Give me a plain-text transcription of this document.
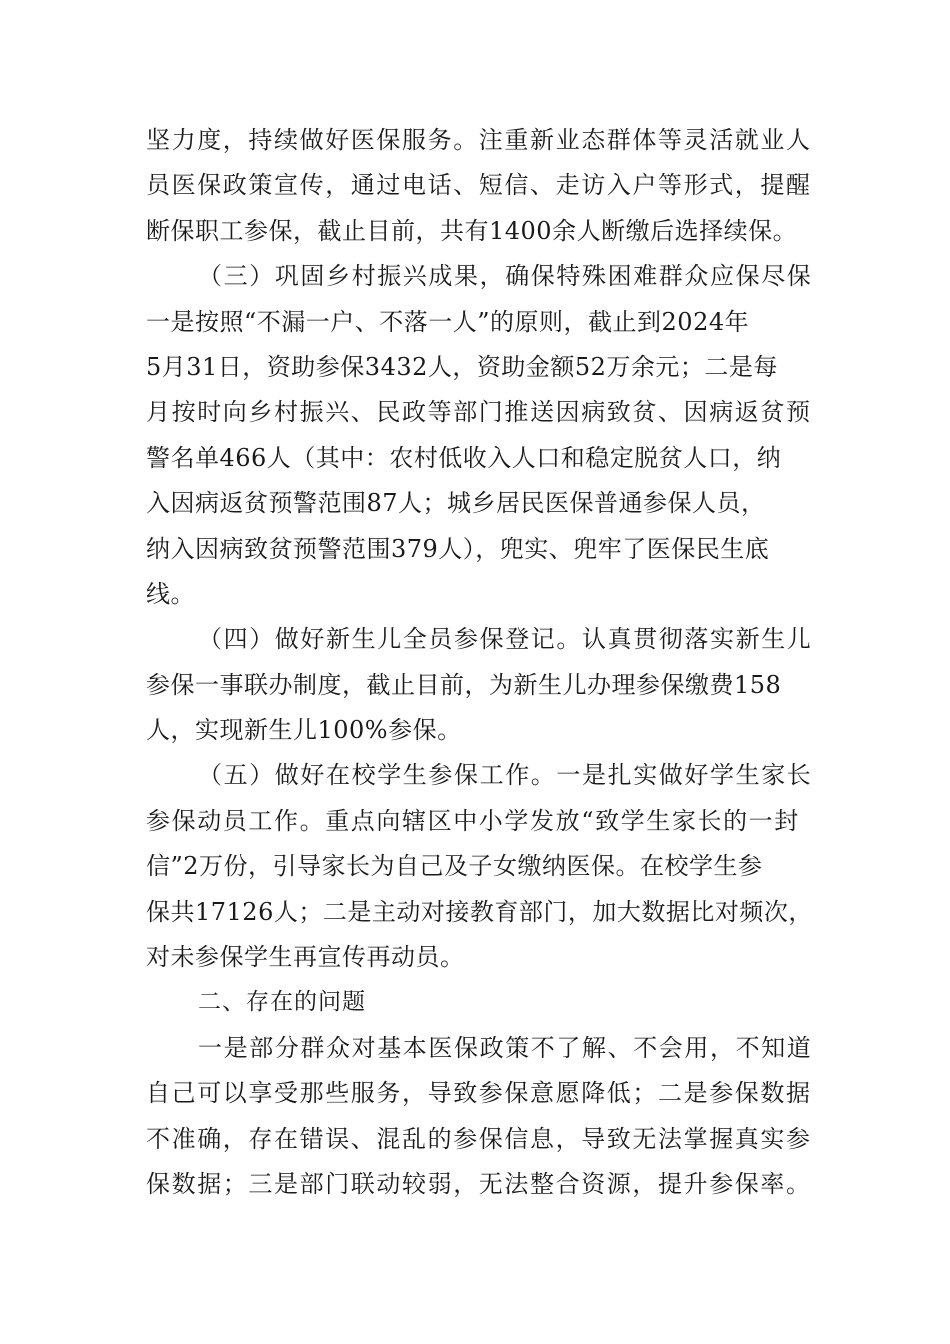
坚力度，持续做好医保服务。注重新业态群体等灵活就业人
员医保政策宣传，通过电话、短信、走访入户等形式，提醒
断保职工参保，截止目前，共有1400余人断缴后选择续保。
（三）巩固乡村振兴成果，确保特殊困难群众应保尽保
一是按照“不漏一户、不落一人”的原则，截止到2024年
5月31日，资助参保3432人，资助金额52万余元；二是每
月按时向乡村振兴、民政等部门推送因病致贫、因病返贫预
警名单466人（其中：农村低收入人口和稳定脱贫人口，纳
入因病返贫预警范围87人；城乡居民医保普通参保人员，
纳入因病致贫预警范围379人），兜实、兜牢了医保民生底
线。
（四）做好新生儿全员参保登记。认真贯彻落实新生儿
参保一事联办制度，截止目前，为新生儿办理参保缴费158
人，实现新生儿100%参保。
（五）做好在校学生参保工作。一是扎实做好学生家长
参保动员工作。重点向辖区中小学发放“致学生家长的一封
信”2万份，引导家长为自己及子女缴纳医保。在校学生参
保共17126人；二是主动对接教育部门，加大数据比对频次，
对未参保学生再宣传再动员。
二、存在的问题
一是部分群众对基本医保政策不了解、不会用，不知道
自己可以享受那些服务，导致参保意愿降低；二是参保数据
不准确，存在错误、混乱的参保信息，导致无法掌握真实参
保数据；三是部门联动较弱，无法整合资源，提升参保率。
